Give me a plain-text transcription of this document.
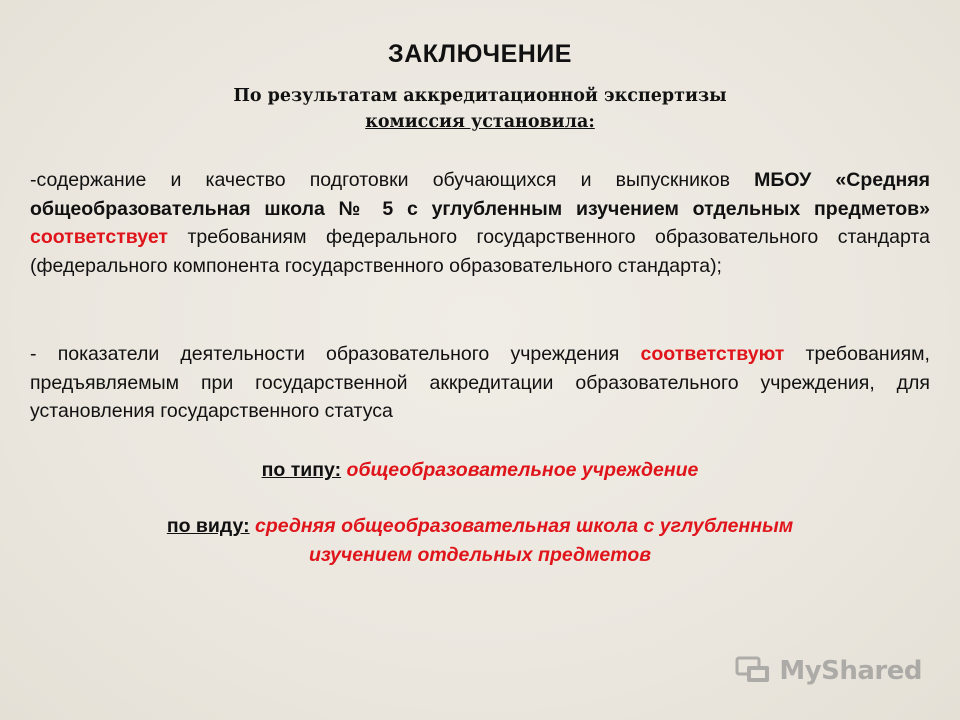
ЗАКЛЮЧЕНИЕ
По результатам аккредитационной экспертизы
комиссия установила:
-содержание и качество подготовки обучающихся и выпускников МБОУ «Средняя общеобразовательная школа № 5 с углубленным изучением отдельных предметов» соответствует требованиям федерального государственного образовательного стандарта (федерального компонента государственного образовательного стандарта);
- показатели деятельности образовательного учреждения соответствуют требованиям, предъявляемым при государственной аккредитации образовательного учреждения, для установления государственного статуса
по типу: общеобразовательное учреждение
по виду: средняя общеобразовательная школа с углубленным
изучением отдельных предметов
MyShared
